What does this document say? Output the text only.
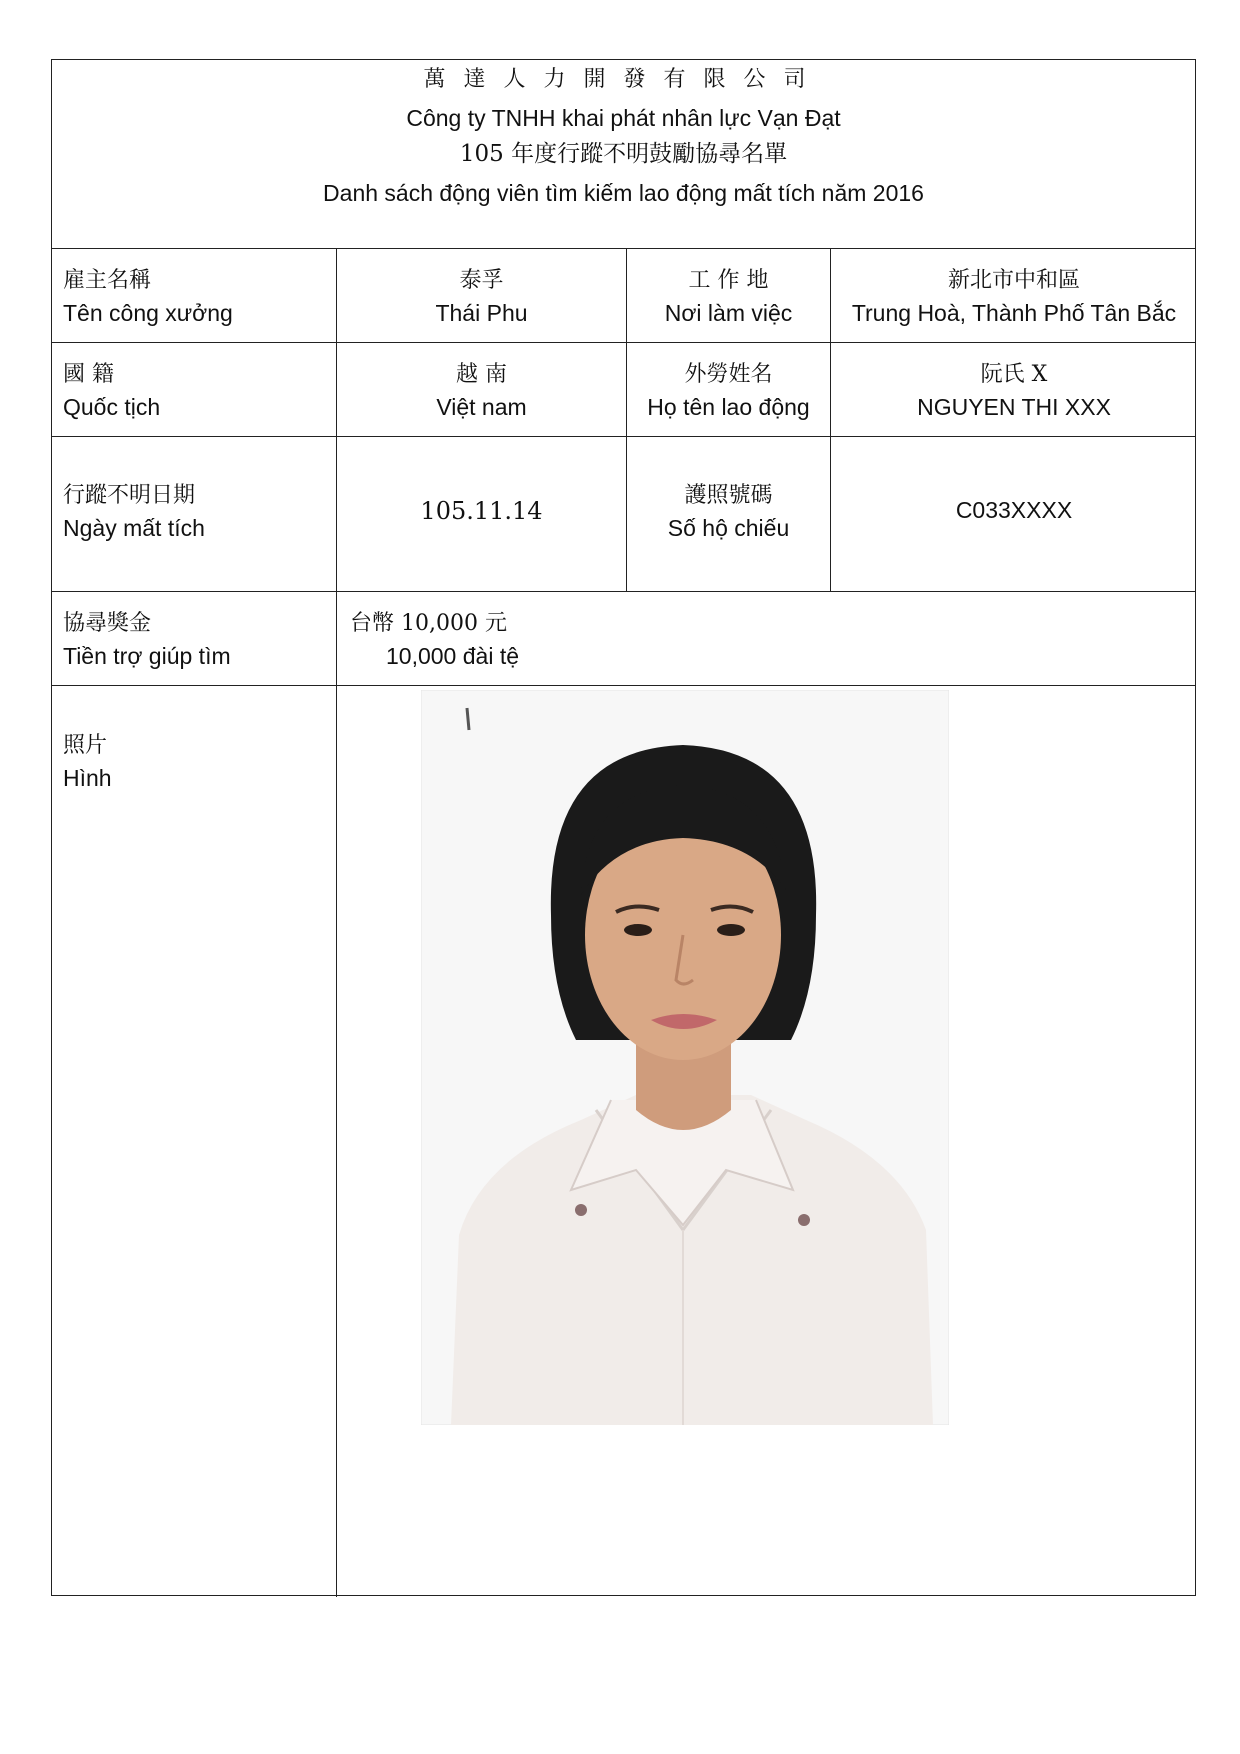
萬達人力開發有限公司
Công ty TNHH khai phát nhân lực Vạn Đạt
105 年度行蹤不明鼓勵協尋名單
Danh sách động viên tìm kiếm lao động mất tích năm 2016
雇主名稱
Tên công xưởng
泰孚
Thái Phu
工 作 地
Nơi làm việc
新北市中和區
Trung Hoà, Thành Phố Tân Bắc
國 籍
Quốc tịch
越 南
Việt nam
外勞姓名
Họ tên lao động
阮氏 X
NGUYEN THI XXX
行蹤不明日期
Ngày mất tích
105.11.14
護照號碼
Số hộ chiếu
C033XXXX
協尋獎金
Tiền trợ giúp tìm
台幣 10,000 元
10,000 đài tệ
照片
Hình
